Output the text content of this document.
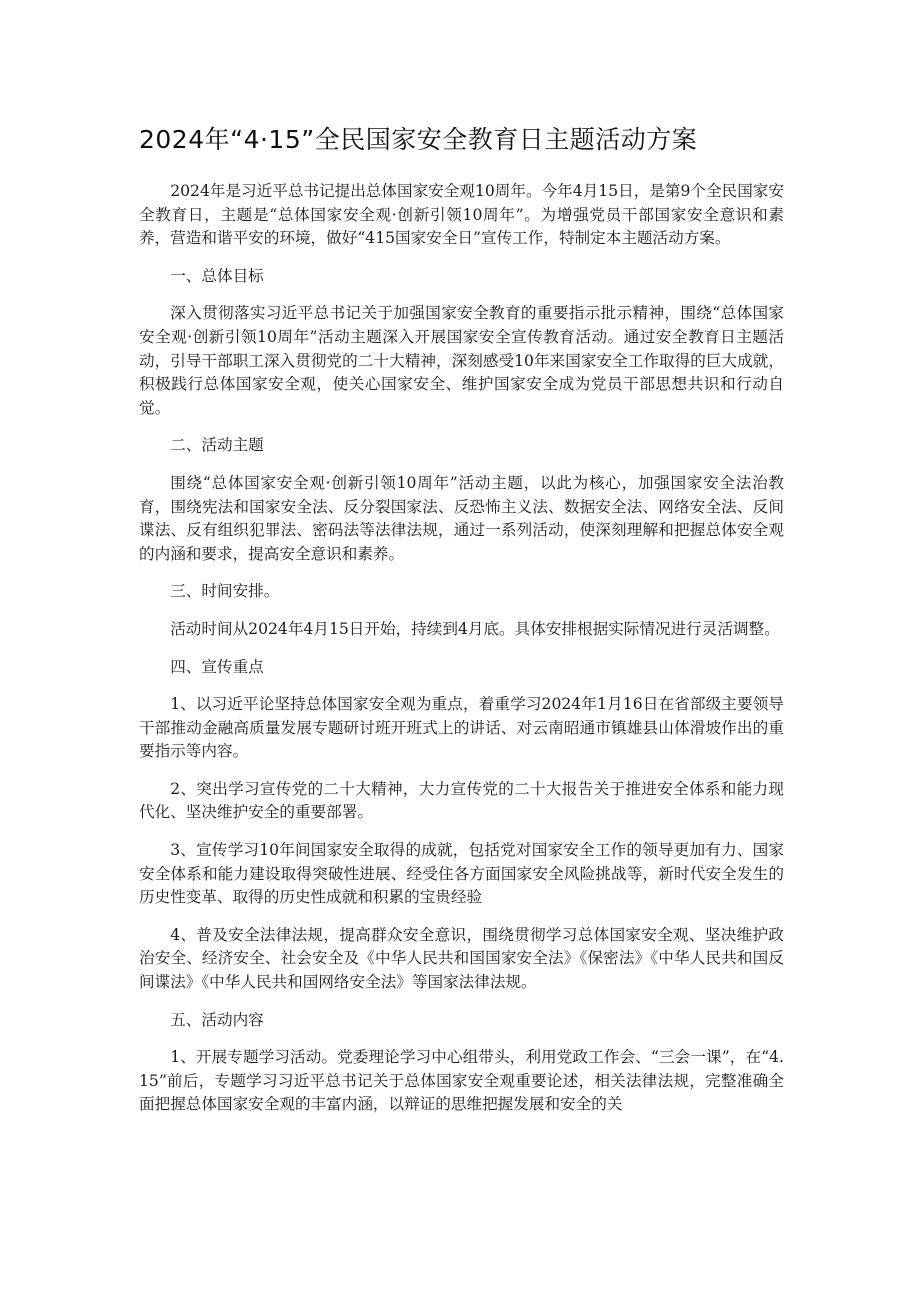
2024年“4·15”全民国家安全教育日主题活动方案

2024年是习近平总书记提出总体国家安全观10周年。今年4月15日，是第9个全民国家安全教育日，主题是“总体国家安全观·创新引领10周年”。为增强党员干部国家安全意识和素养，营造和谐平安的环境，做好“415国家安全日”宣传工作，特制定本主题活动方案。

一、总体目标

深入贯彻落实习近平总书记关于加强国家安全教育的重要指示批示精神，围绕“总体国家安全观·创新引领10周年”活动主题深入开展国家安全宣传教育活动。通过安全教育日主题活动，引导干部职工深入贯彻党的二十大精神，深刻感受10年来国家安全工作取得的巨大成就，积极践行总体国家安全观，使关心国家安全、维护国家安全成为党员干部思想共识和行动自觉。

二、活动主题

围绕“总体国家安全观·创新引领10周年”活动主题，以此为核心，加强国家安全法治教育，围绕宪法和国家安全法、反分裂国家法、反恐怖主义法、数据安全法、网络安全法、反间谍法、反有组织犯罪法、密码法等法律法规，通过一系列活动，使深刻理解和把握总体安全观的内涵和要求，提高安全意识和素养。

三、时间安排。

活动时间从2024年4月15日开始，持续到4月底。具体安排根据实际情况进行灵活调整。

四、宣传重点

1、以习近平论坚持总体国家安全观为重点，着重学习2024年1月16日在省部级主要领导干部推动金融高质量发展专题研讨班开班式上的讲话、对云南昭通市镇雄县山体滑坡作出的重要指示等内容。

2、突出学习宣传党的二十大精神，大力宣传党的二十大报告关于推进安全体系和能力现代化、坚决维护安全的重要部署。

3、宣传学习10年间国家安全取得的成就，包括党对国家安全工作的领导更加有力、国家安全体系和能力建设取得突破性进展、经受住各方面国家安全风险挑战等，新时代安全发生的历史性变革、取得的历史性成就和积累的宝贵经验

4、普及安全法律法规，提高群众安全意识，围绕贯彻学习总体国家安全观、坚决维护政治安全、经济安全、社会安全及《中华人民共和国国家安全法》《保密法》《中华人民共和国反间谍法》《中华人民共和国网络安全法》等国家法律法规。

五、活动内容

1、开展专题学习活动。党委理论学习中心组带头，利用党政工作会、“三会一课”，在“4.15”前后，专题学习习近平总书记关于总体国家安全观重要论述，相关法律法规，完整准确全面把握总体国家安全观的丰富内涵，以辩证的思维把握发展和安全的关
